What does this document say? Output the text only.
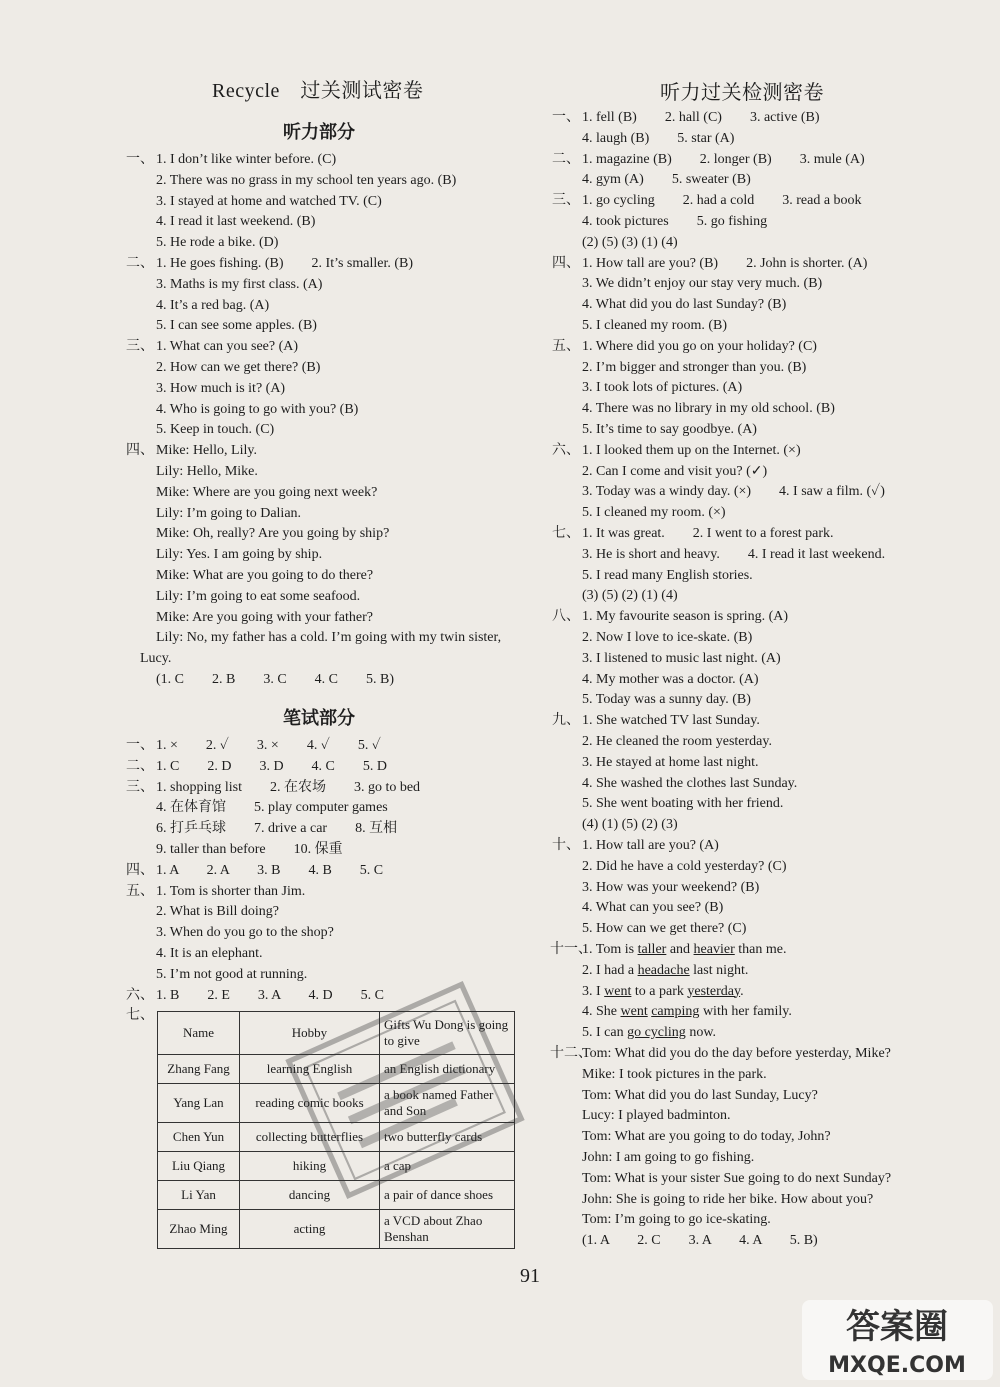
Recycle　过关测试密卷
听力部分
一、 1. I don’t like winter before. (C)
2. There was no grass in my school ten years ago. (B)
3. I stayed at home and watched TV. (C)
4. I read it last weekend. (B)
5. He rode a bike. (D)
二、 1. He goes fishing. (B)　　2. It’s smaller. (B)
3. Maths is my first class. (A)
4. It’s a red bag. (A)
5. I can see some apples. (B)
三、 1. What can you see? (A)
2. How can we get there? (B)
3. How much is it? (A)
4. Who is going to go with you? (B)
5. Keep in touch. (C)
四、 Mike: Hello, Lily.
Lily: Hello, Mike.
Mike: Where are you going next week?
Lily: I’m going to Dalian.
Mike: Oh, really? Are you going by ship?
Lily: Yes. I am going by ship.
Mike: What are you going to do there?
Lily: I’m going to eat some seafood.
Mike: Are you going with your father?
Lily: No, my father has a cold. I’m going with my twin sister,
Lucy.
(1. C　　2. B　　3. C　　4. C　　5. B)
笔试部分
一、 1. ×　　2. ✓　　3. ×　　4. ✓　　5. ✓
二、 1. C　　2. D　　3. D　　4. C　　5. D
三、 1. shopping list　　2. 在农场　　3. go to bed
4. 在体育馆　　5. play computer games
6. 打乒乓球　　7. drive a car　　8. 互相
9. taller than before　　10. 保重
四、 1. A　　2. A　　3. B　　4. B　　5. C
五、 1. Tom is shorter than Jim.
2. What is Bill doing?
3. When do you go to the shop?
4. It is an elephant.
5. I’m not good at running.
六、 1. B　　2. E　　3. A　　4. D　　5. C
七、
Name	Hobby	Gifts Wu Dong is going to give
Zhang Fang	learning English	an English dictionary
Yang Lan	reading comic books	a book named Father and Son
Chen Yun	collecting butterflies	two butterfly cards
Liu Qiang	hiking	a cap
Li Yan	dancing	a pair of dance shoes
Zhao Ming	acting	a VCD about Zhao Benshan
听力过关检测密卷
一、 1. fell (B)　　2. hall (C)　　3. active (B)
4. laugh (B)　　5. star (A)
二、 1. magazine (B)　　2. longer (B)　　3. mule (A)
4. gym (A)　　5. sweater (B)
三、 1. go cycling　　2. had a cold　　3. read a book
4. took pictures　　5. go fishing
(2) (5) (3) (1) (4)
四、 1. How tall are you? (B)　　2. John is shorter. (A)
3. We didn’t enjoy our stay very much. (B)
4. What did you do last Sunday? (B)
5. I cleaned my room. (B)
五、 1. Where did you go on your holiday? (C)
2. I’m bigger and stronger than you. (B)
3. I took lots of pictures. (A)
4. There was no library in my old school. (B)
5. It’s time to say goodbye. (A)
六、 1. I looked them up on the Internet. (×)
2. Can I come and visit you? (✓)
3. Today was a windy day. (×)　　4. I saw a film. (✓)
5. I cleaned my room. (×)
七、 1. It was great.　　2. I went to a forest park.
3. He is short and heavy.　　4. I read it last weekend.
5. I read many English stories.
(3) (5) (2) (1) (4)
八、 1. My favourite season is spring. (A)
2. Now I love to ice-skate. (B)
3. I listened to music last night. (A)
4. My mother was a doctor. (A)
5. Today was a sunny day. (B)
九、 1. She watched TV last Sunday.
2. He cleaned the room yesterday.
3. He stayed at home last night.
4. She washed the clothes last Sunday.
5. She went boating with her friend.
(4) (1) (5) (2) (3)
十、 1. How tall are you? (A)
2. Did he have a cold yesterday? (C)
3. How was your weekend? (B)
4. What can you see? (B)
5. How can we get there? (C)
十一、1. Tom is taller and heavier than me.
2. I had a headache last night.
3. I went to a park yesterday.
4. She went camping with her family.
5. I can go cycling now.
十二、Tom: What did you do the day before yesterday, Mike?
Mike: I took pictures in the park.
Tom: What did you do last Sunday, Lucy?
Lucy: I played badminton.
Tom: What are you going to do today, John?
John: I am going to go fishing.
Tom: What is your sister Sue going to do next Sunday?
John: She is going to ride her bike. How about you?
Tom: I’m going to go ice-skating.
(1. A　　2. C　　3. A　　4. A　　5. B)
91
答案圈
MXQE.COM
